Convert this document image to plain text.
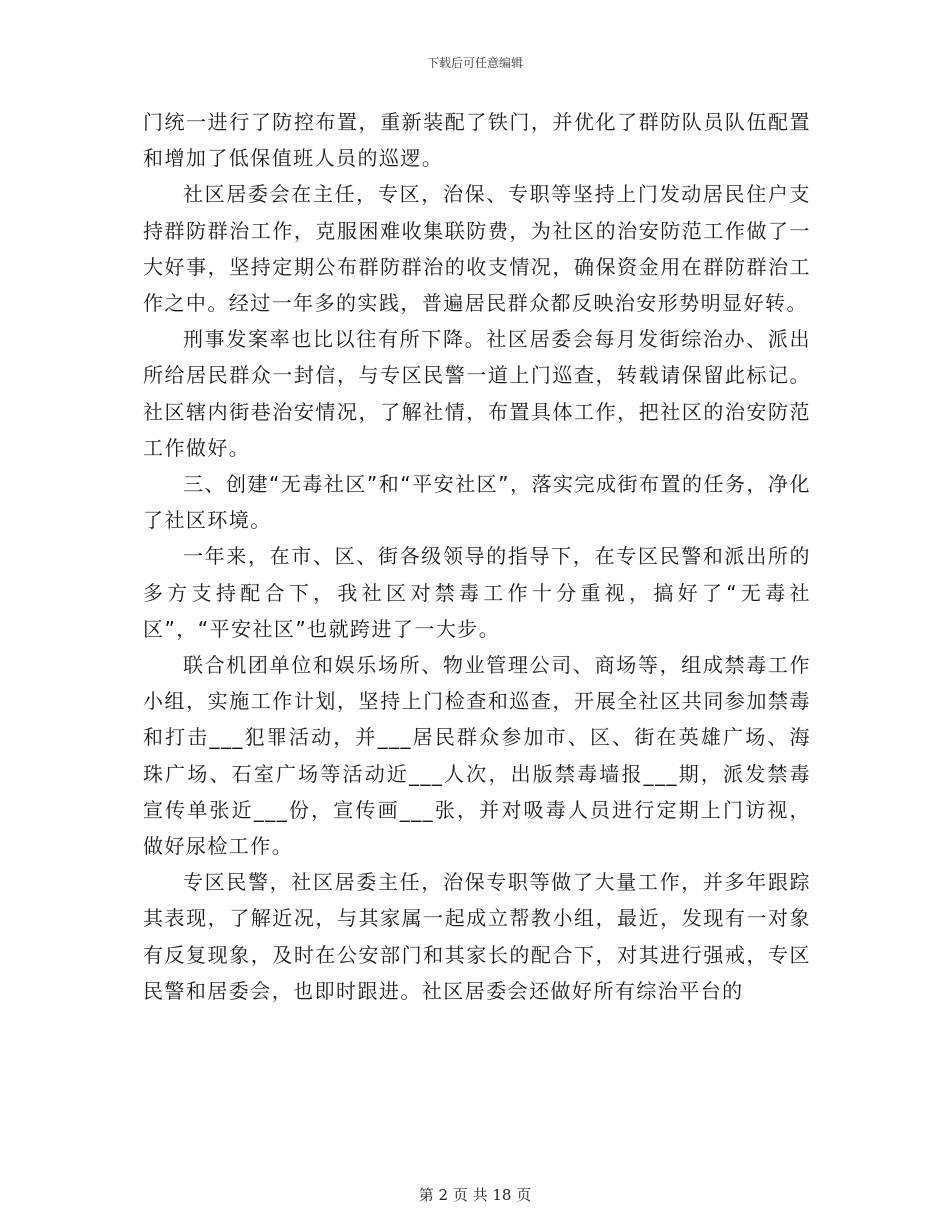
下载后可任意编辑

门统一进行了防控布置，重新装配了铁门，并优化了群防队员队伍配置和增加了低保值班人员的巡逻。

社区居委会在主任，专区，治保、专职等坚持上门发动居民住户支持群防群治工作，克服困难收集联防费，为社区的治安防范工作做了一大好事，坚持定期公布群防群治的收支情况，确保资金用在群防群治工作之中。经过一年多的实践，普遍居民群众都反映治安形势明显好转。

刑事发案率也比以往有所下降。社区居委会每月发街综治办、派出所给居民群众一封信，与专区民警一道上门巡查，转载请保留此标记。社区辖内街巷治安情况，了解社情，布置具体工作，把社区的治安防范工作做好。

三、创建“无毒社区”和“平安社区”，落实完成街布置的任务，净化了社区环境。

一年来，在市、区、街各级领导的指导下，在专区民警和派出所的多方支持配合下，我社区对禁毒工作十分重视，搞好了“无毒社区”，“平安社区”也就跨进了一大步。

联合机团单位和娱乐场所、物业管理公司、商场等，组成禁毒工作小组，实施工作计划，坚持上门检查和巡查，开展全社区共同参加禁毒和打击___犯罪活动，并___居民群众参加市、区、街在英雄广场、海珠广场、石室广场等活动近___人次，出版禁毒墙报___期，派发禁毒宣传单张近___份，宣传画___张，并对吸毒人员进行定期上门访视，做好尿检工作。

专区民警，社区居委主任，治保专职等做了大量工作，并多年跟踪其表现，了解近况，与其家属一起成立帮教小组，最近，发现有一对象有反复现象，及时在公安部门和其家长的配合下，对其进行强戒，专区民警和居委会，也即时跟进。社区居委会还做好所有综治平台的

第 2 页 共 18 页
